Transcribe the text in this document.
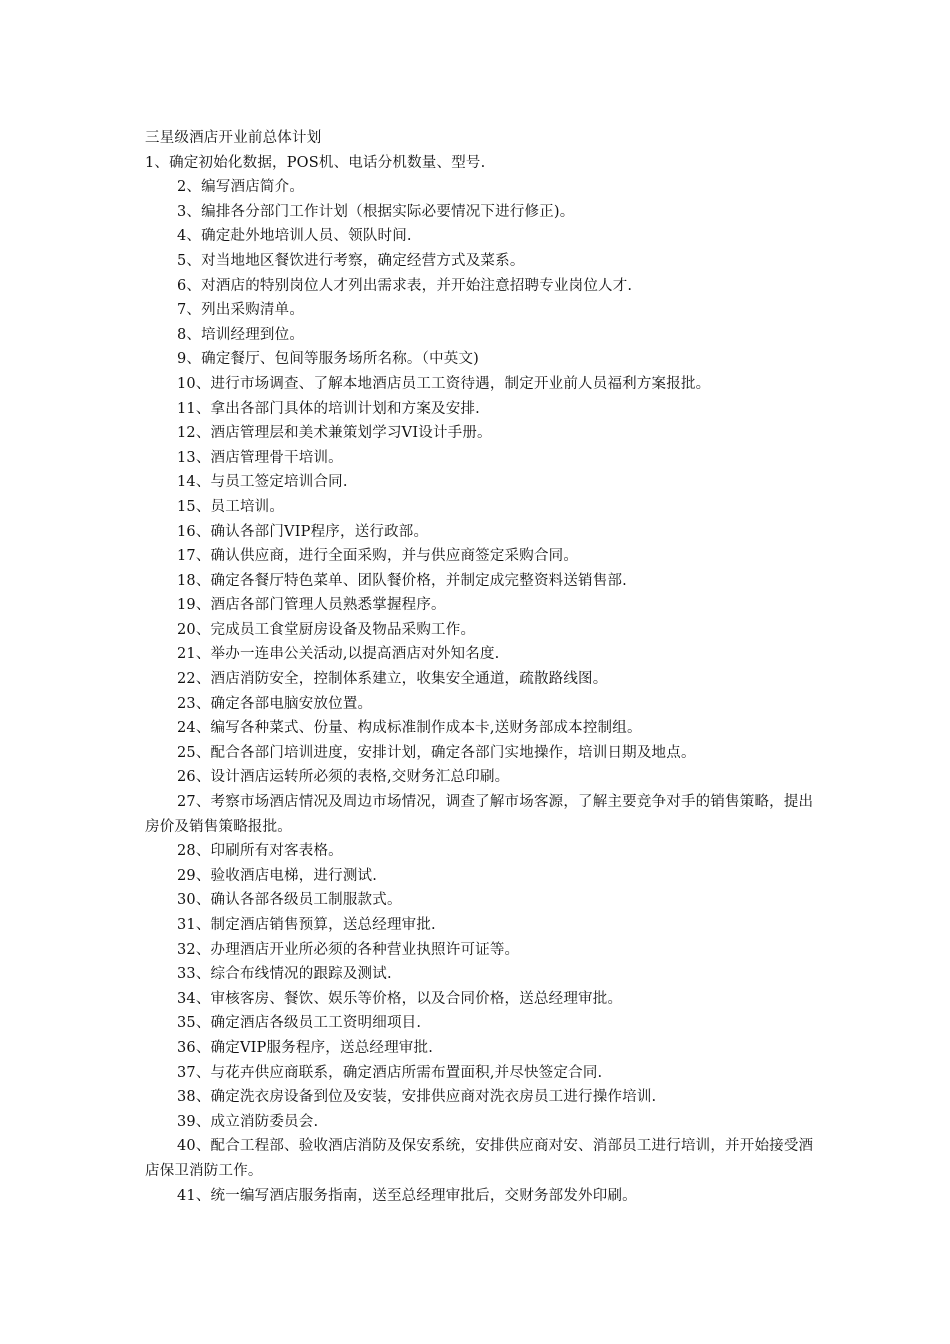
三星级酒店开业前总体计划

1、确定初始化数据，POS机、电话分机数量、型号.

2、编写酒店简介。

3、编排各分部门工作计划（根据实际必要情况下进行修正)。

4、确定赴外地培训人员、领队时间.

5、对当地地区餐饮进行考察，确定经营方式及菜系。

6、对酒店的特别岗位人才列出需求表，并开始注意招聘专业岗位人才.

7、列出采购清单。

8、培训经理到位。

9、确定餐厅、包间等服务场所名称。（中英文)

10、进行市场调查、了解本地酒店员工工资待遇，制定开业前人员福利方案报批。

11、拿出各部门具体的培训计划和方案及安排.

12、酒店管理层和美术兼策划学习VI设计手册。

13、酒店管理骨干培训。

14、与员工签定培训合同.

15、员工培训。

16、确认各部门VIP程序，送行政部。

17、确认供应商，进行全面采购，并与供应商签定采购合同。

18、确定各餐厅特色菜单、团队餐价格，并制定成完整资料送销售部.

19、酒店各部门管理人员熟悉掌握程序。

20、完成员工食堂厨房设备及物品采购工作。

21、举办一连串公关活动,以提高酒店对外知名度.

22、酒店消防安全，控制体系建立，收集安全通道，疏散路线图。

23、确定各部电脑安放位置。

24、编写各种菜式、份量、构成标准制作成本卡,送财务部成本控制组。

25、配合各部门培训进度，安排计划，确定各部门实地操作，培训日期及地点。

26、设计酒店运转所必须的表格,交财务汇总印刷。

27、考察市场酒店情况及周边市场情况，调查了解市场客源，了解主要竞争对手的销售策略，提出房价及销售策略报批。

28、印刷所有对客表格。

29、验收酒店电梯，进行测试.

30、确认各部各级员工制服款式。

31、制定酒店销售预算，送总经理审批.

32、办理酒店开业所必须的各种营业执照许可证等。

33、综合布线情况的跟踪及测试.

34、审核客房、餐饮、娱乐等价格，以及合同价格，送总经理审批。

35、确定酒店各级员工工资明细项目.

36、确定VIP服务程序，送总经理审批.

37、与花卉供应商联系，确定酒店所需布置面积,并尽快签定合同.

38、确定洗衣房设备到位及安装，安排供应商对洗衣房员工进行操作培训.

39、成立消防委员会.

40、配合工程部、验收酒店消防及保安系统，安排供应商对安、消部员工进行培训，并开始接受酒店保卫消防工作。

41、统一编写酒店服务指南，送至总经理审批后，交财务部发外印刷。
